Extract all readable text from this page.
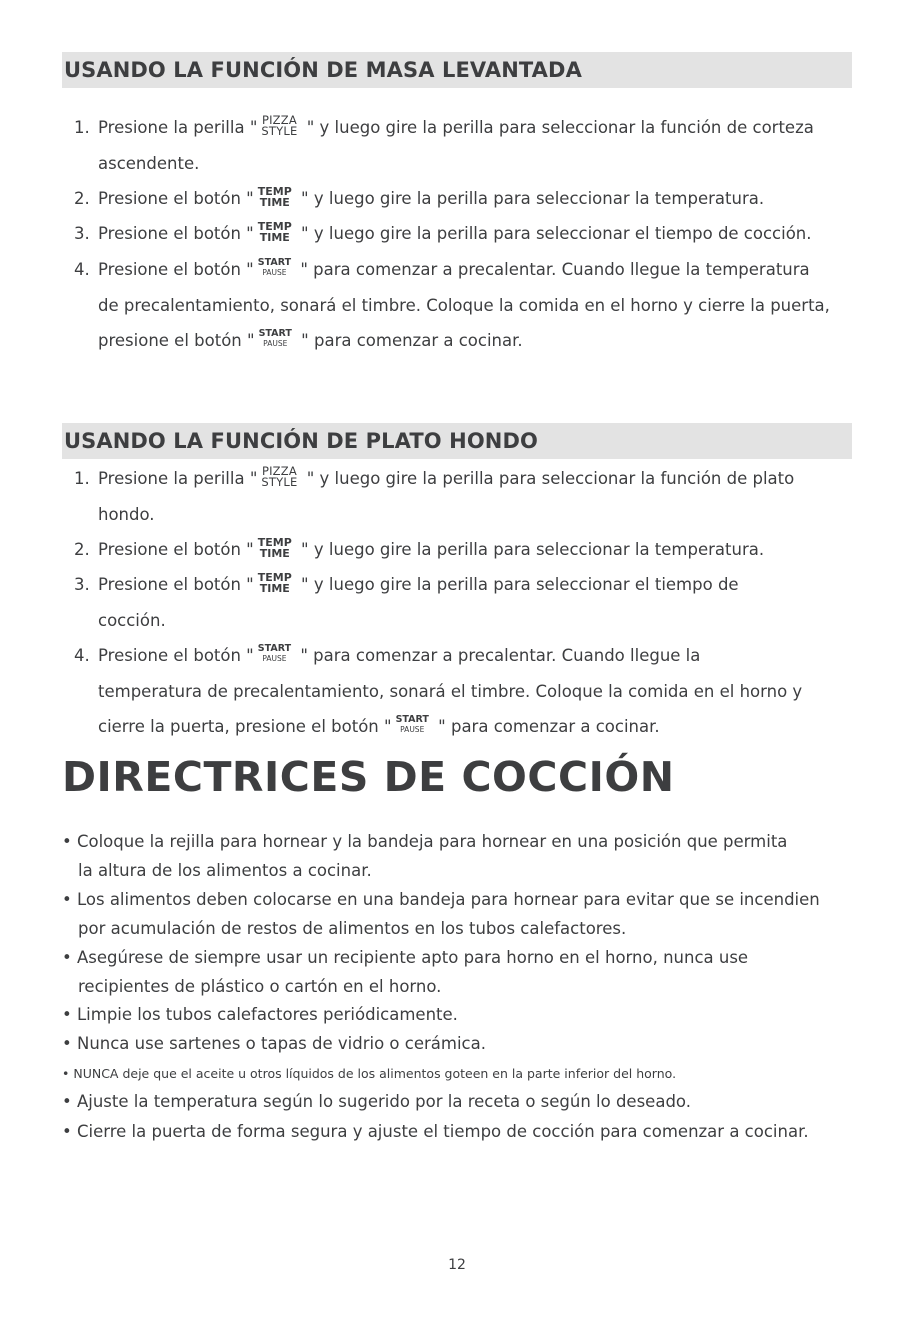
USANDO LA FUNCIÓN DE MASA LEVANTADA
1. Presione la perilla " PIZZA
STYLE " y luego gire la perilla para seleccionar la función de corteza
ascendente.
2. Presione el botón " TEMP
TIME " y luego gire la perilla para seleccionar la temperatura.
3. Presione el botón " TEMP
TIME " y luego gire la perilla para seleccionar el tiempo de cocción.
4. Presione el botón " START
PAUSE " para comenzar a precalentar. Cuando llegue la temperatura
de precalentamiento, sonará el timbre. Coloque la comida en el horno y cierre la puerta,
presione el botón " START
PAUSE " para comenzar a cocinar.
USANDO LA FUNCIÓN DE PLATO HONDO
1. Presione la perilla " PIZZA
STYLE " y luego gire la perilla para seleccionar la función de plato
hondo.
2. Presione el botón " TEMP
TIME " y luego gire la perilla para seleccionar la temperatura.
3. Presione el botón " TEMP
TIME " y luego gire la perilla para seleccionar el tiempo de
cocción.
4. Presione el botón " START
PAUSE " para comenzar a precalentar. Cuando llegue la
temperatura de precalentamiento, sonará el timbre. Coloque la comida en el horno y
cierre la puerta, presione el botón " START
PAUSE " para comenzar a cocinar.
DIRECTRICES DE COCCIÓN
• Coloque la rejilla para hornear y la bandeja para hornear en una posición que permita
la altura de los alimentos a cocinar.
• Los alimentos deben colocarse en una bandeja para hornear para evitar que se incendien
por acumulación de restos de alimentos en los tubos calefactores.
• Asegúrese de siempre usar un recipiente apto para horno en el horno, nunca use
recipientes de plástico o cartón en el horno.
• Limpie los tubos calefactores periódicamente.
• Nunca use sartenes o tapas de vidrio o cerámica.
• NUNCA deje que el aceite u otros líquidos de los alimentos goteen en la parte inferior del horno.
• Ajuste la temperatura según lo sugerido por la receta o según lo deseado.
• Cierre la puerta de forma segura y ajuste el tiempo de cocción para comenzar a cocinar.
12
